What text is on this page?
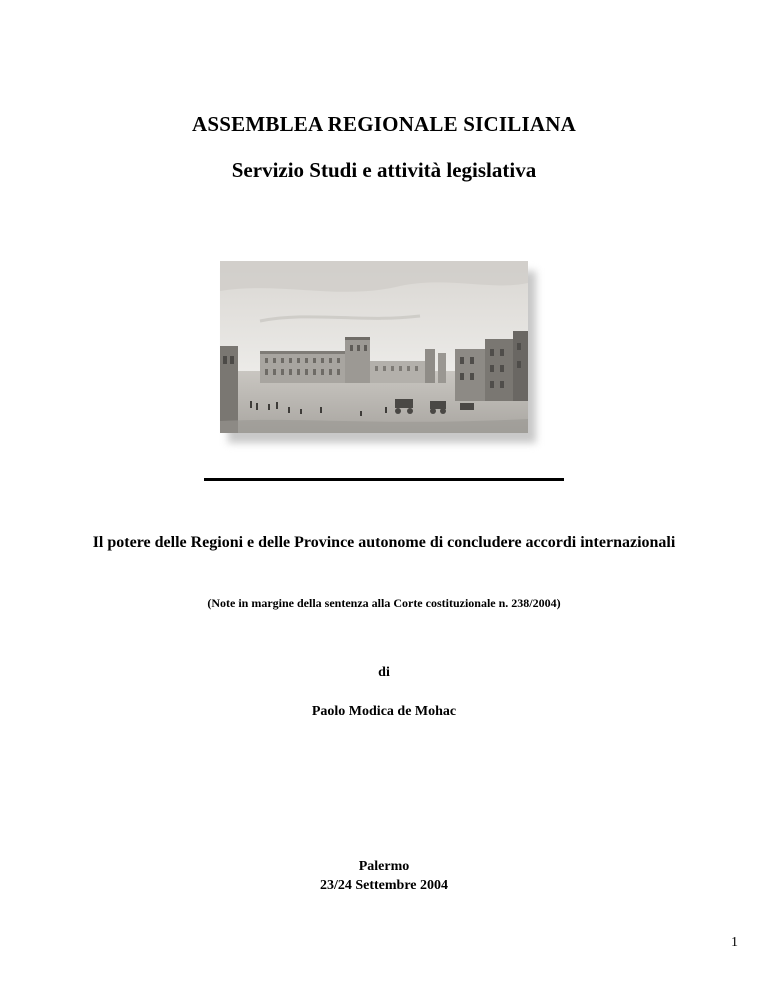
ASSEMBLEA REGIONALE SICILIANA
Servizio Studi e attività legislativa
Il potere delle Regioni e delle Province autonome di concludere accordi internazionali
(Note in margine della sentenza alla Corte costituzionale n. 238/2004)
di
Paolo Modica de Mohac
Palermo
23/24 Settembre 2004
1
